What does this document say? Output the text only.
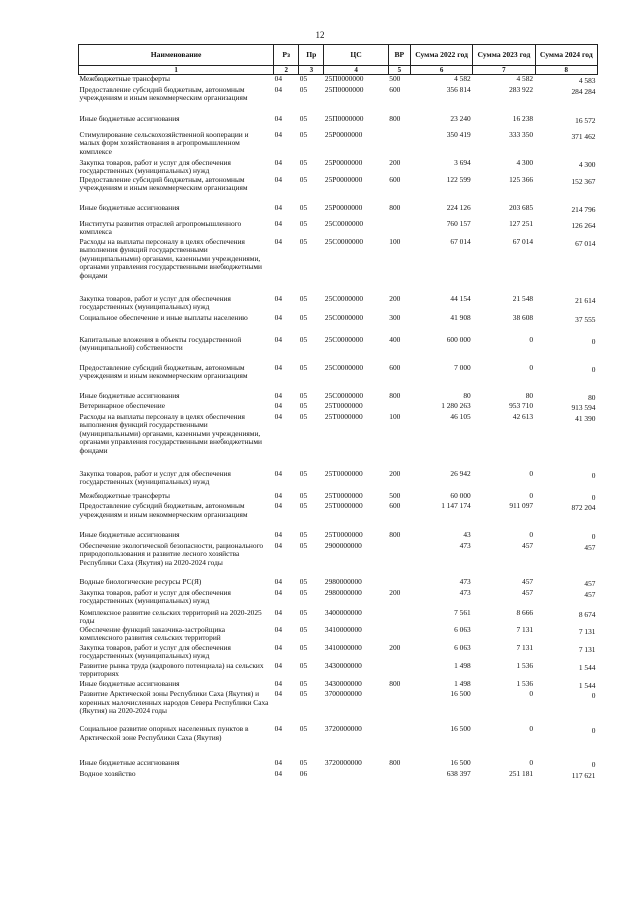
12
Наименование	Рз	Пр	ЦС	ВР	Сумма 2022 год	Сумма 2023 год	Сумма 2024 год
1	2	3	4	5	6	7	8
Межбюджетные трансферты	04	05	25П0000000	500	4 582	4 582	4 583
Предоставление субсидий бюджетным, автономным учреждениям и иным некоммерческим организациям	04	05	25П0000000	600	356 814	283 922	284 284
Иные бюджетные ассигнования	04	05	25П0000000	800	23 240	16 238	16 572
Стимулирование сельскохозяйственной кооперации и малых форм хозяйствования в агропромышленном комплексе	04	05	25Р0000000		350 419	333 350	371 462
Закупка товаров, работ и услуг для обеспечения государственных (муниципальных) нужд	04	05	25Р0000000	200	3 694	4 300	4 300
Предоставление субсидий бюджетным, автономным учреждениям и иным некоммерческим организациям	04	05	25Р0000000	600	122 599	125 366	152 367
Иные бюджетные ассигнования	04	05	25Р0000000	800	224 126	203 685	214 796
Институты развития отраслей агропромышленного комплекса	04	05	25С0000000		760 157	127 251	126 264
Расходы на выплаты персоналу в целях обеспечения выполнения функций государственными (муниципальными) органами, казенными учреждениями, органами управления государственными внебюджетными фондами	04	05	25С0000000	100	67 014	67 014	67 014
Закупка товаров, работ и услуг для обеспечения государственных (муниципальных) нужд	04	05	25С0000000	200	44 154	21 548	21 614
Социальное обеспечение и иные выплаты населению	04	05	25С0000000	300	41 908	38 608	37 555
Капитальные вложения в объекты государственной (муниципальной) собственности	04	05	25С0000000	400	600 000	0	0
Предоставление субсидий бюджетным, автономным учреждениям и иным некоммерческим организациям	04	05	25С0000000	600	7 000	0	0
Иные бюджетные ассигнования	04	05	25С0000000	800	80	80	80
Ветеринарное обеспечение	04	05	25Т0000000		1 280 263	953 710	913 594
Расходы на выплаты персоналу в целях обеспечения выполнения функций государственными (муниципальными) органами, казенными учреждениями, органами управления государственными внебюджетными фондами	04	05	25Т0000000	100	46 105	42 613	41 390
Закупка товаров, работ и услуг для обеспечения государственных (муниципальных) нужд	04	05	25Т0000000	200	26 942	0	0
Межбюджетные трансферты	04	05	25Т0000000	500	60 000	0	0
Предоставление субсидий бюджетным, автономным учреждениям и иным некоммерческим организациям	04	05	25Т0000000	600	1 147 174	911 097	872 204
Иные бюджетные ассигнования	04	05	25Т0000000	800	43	0	0
Обеспечение экологической безопасности, рационального природопользования и развитие лесного хозяйства Республики Саха (Якутия) на 2020-2024 годы	04	05	2900000000		473	457	457
Водные биологические ресурсы РС(Я)	04	05	2980000000		473	457	457
Закупка товаров, работ и услуг для обеспечения государственных (муниципальных) нужд	04	05	2980000000	200	473	457	457
Комплексное развитие сельских территорий на 2020-2025 годы	04	05	3400000000		7 561	8 666	8 674
Обеспечение функций заказчика-застройщика комплексного развития сельских территорий	04	05	3410000000		6 063	7 131	7 131
Закупка товаров, работ и услуг для обеспечения государственных (муниципальных) нужд	04	05	3410000000	200	6 063	7 131	7 131
Развитие рынка труда (кадрового потенциала) на сельских территориях	04	05	3430000000		1 498	1 536	1 544
Иные бюджетные ассигнования	04	05	3430000000	800	1 498	1 536	1 544
Развитие Арктической зоны Республики Саха (Якутия) и коренных малочисленных народов Севера Республики Саха (Якутия) на 2020-2024 годы	04	05	3700000000		16 500	0	0
Социальное развитие опорных населенных пунктов в Арктической зоне Республики Саха (Якутия)	04	05	3720000000		16 500	0	0
Иные бюджетные ассигнования	04	05	3720000000	800	16 500	0	0
Водное хозяйство	04	06			638 397	251 181	117 621
